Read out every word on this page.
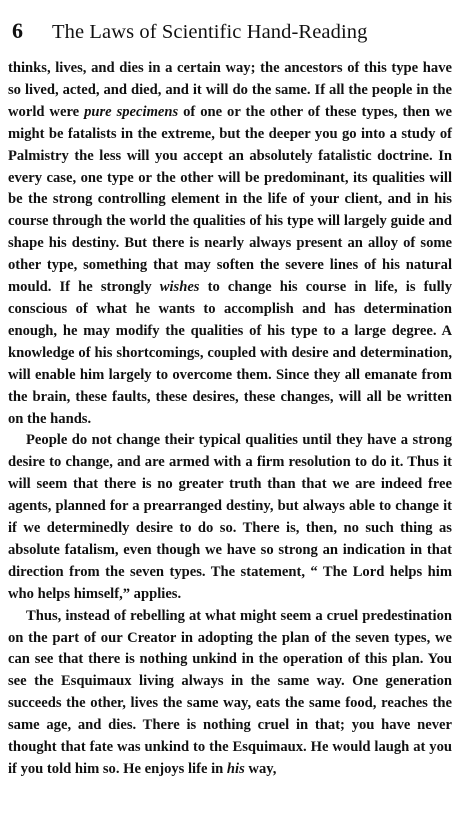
6	The Laws of Scientific Hand-Reading

thinks, lives, and dies in a certain way; the ancestors of this type have so lived, acted, and died, and it will do the same. If all the people in the world were pure specimens of one or the other of these types, then we might be fatalists in the extreme, but the deeper you go into a study of Palmistry the less will you accept an absolutely fatalistic doctrine. In every case, one type or the other will be predominant, its qualities will be the strong controlling element in the life of your client, and in his course through the world the qualities of his type will largely guide and shape his destiny. But there is nearly always present an alloy of some other type, something that may soften the severe lines of his natural mould. If he strongly wishes to change his course in life, is fully conscious of what he wants to accomplish and has determination enough, he may modify the qualities of his type to a large degree. A knowledge of his shortcomings, coupled with desire and determination, will enable him largely to overcome them. Since they all emanate from the brain, these faults, these desires, these changes, will all be written on the hands.

People do not change their typical qualities until they have a strong desire to change, and are armed with a firm resolution to do it. Thus it will seem that there is no greater truth than that we are indeed free agents, planned for a prearranged destiny, but always able to change it if we determinedly desire to do so. There is, then, no such thing as absolute fatalism, even though we have so strong an indication in that direction from the seven types. The statement, “ The Lord helps him who helps himself,” applies.

Thus, instead of rebelling at what might seem a cruel predestination on the part of our Creator in adopting the plan of the seven types, we can see that there is nothing unkind in the operation of this plan. You see the Esquimaux living always in the same way. One generation succeeds the other, lives the same way, eats the same food, reaches the same age, and dies. There is nothing cruel in that; you have never thought that fate was unkind to the Esquimaux. He would laugh at you if you told him so. He enjoys life in his way,
